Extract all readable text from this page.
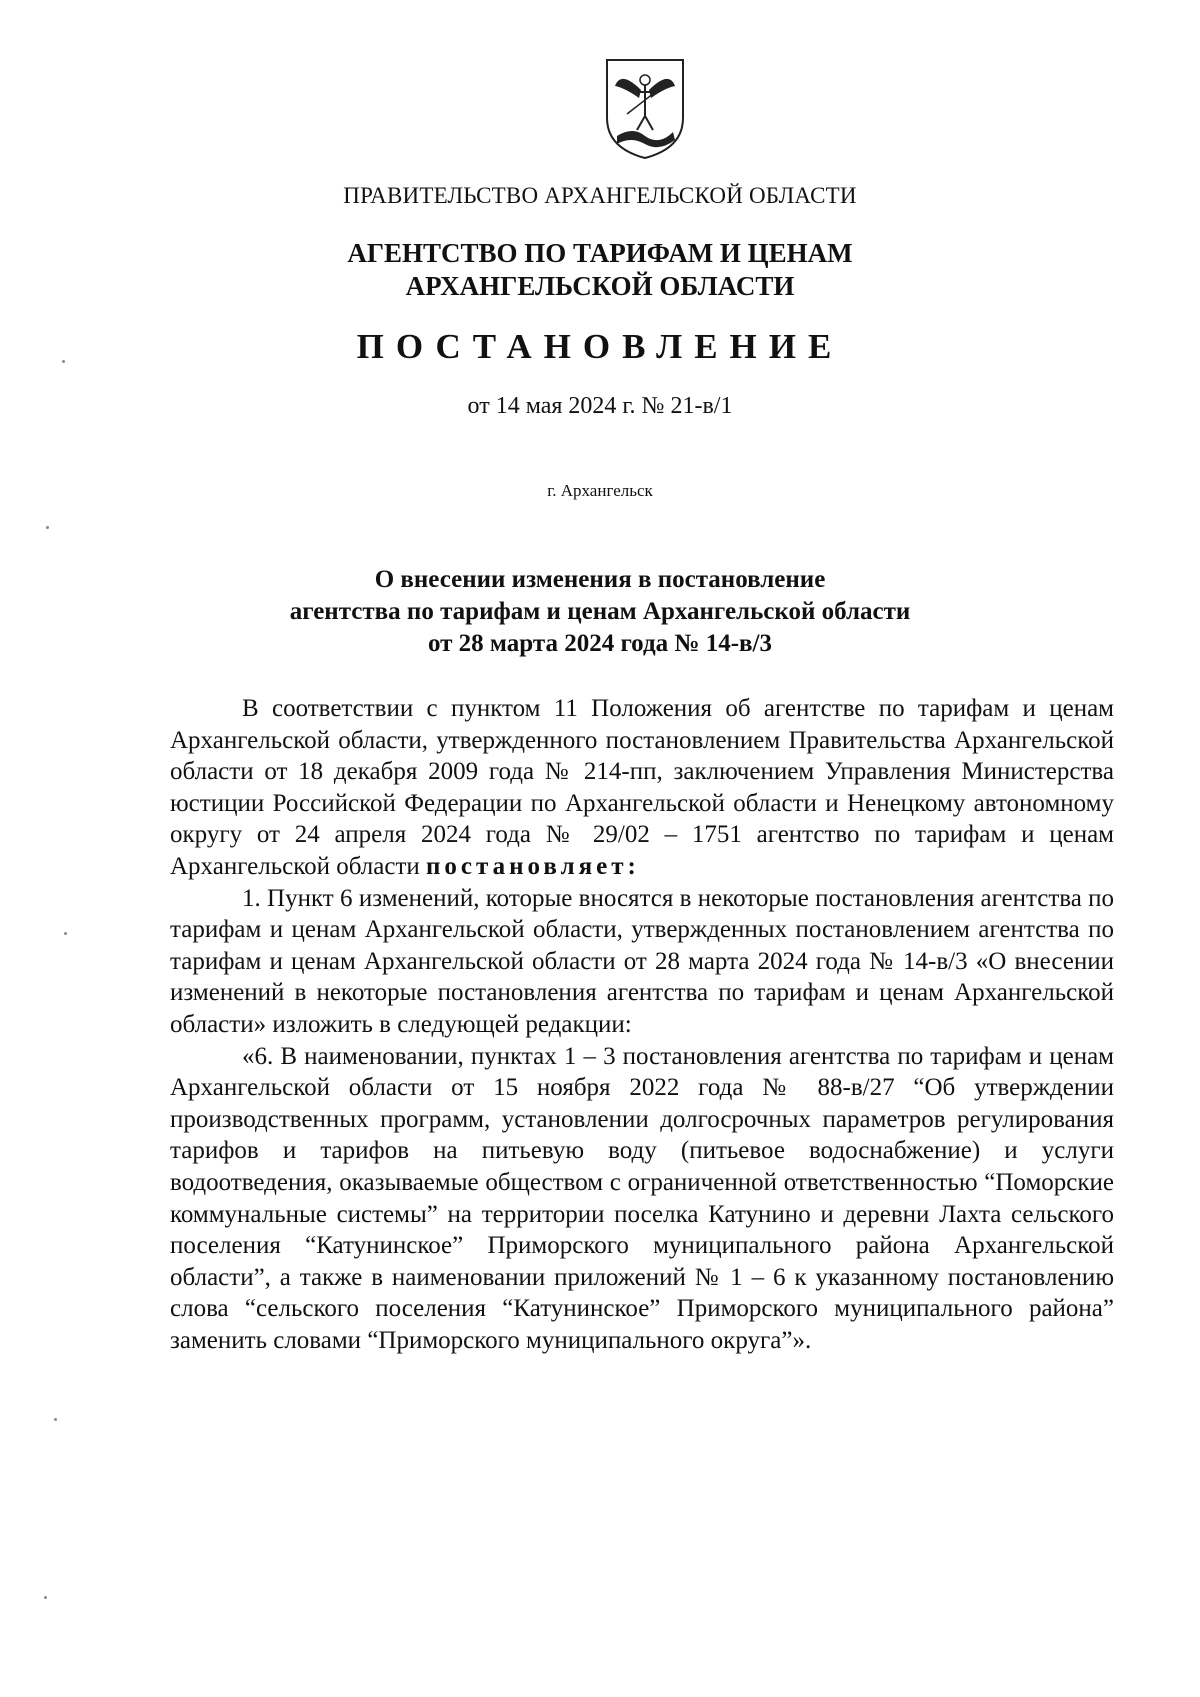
ПРАВИТЕЛЬСТВО АРХАНГЕЛЬСКОЙ ОБЛАСТИ
АГЕНТСТВО ПО ТАРИФАМ И ЦЕНАМ
АРХАНГЕЛЬСКОЙ ОБЛАСТИ
ПОСТАНОВЛЕНИЕ
от 14 мая 2024 г. № 21-в/1
г. Архангельск
О внесении изменения в постановление
агентства по тарифам и ценам Архангельской области
от 28 марта 2024 года № 14-в/3

В соответствии с пунктом 11 Положения об агентстве по тарифам и ценам Архангельской области, утвержденного постановлением Правительства Архангельской области от 18 декабря 2009 года № 214-пп, заключением Управления Министерства юстиции Российской Федерации по Архангельской области и Ненецкому автономному округу от 24 апреля 2024 года № 29/02 – 1751 агентство по тарифам и ценам Архангельской области постановляет:

1. Пункт 6 изменений, которые вносятся в некоторые постановления агентства по тарифам и ценам Архангельской области, утвержденных постановлением агентства по тарифам и ценам Архангельской области от 28 марта 2024 года № 14-в/3 «О внесении изменений в некоторые постановления агентства по тарифам и ценам Архангельской области» изложить в следующей редакции:

«6. В наименовании, пунктах 1 – 3 постановления агентства по тарифам и ценам Архангельской области от 15 ноября 2022 года № 88-в/27 “Об утверждении производственных программ, установлении долгосрочных параметров регулирования тарифов и тарифов на питьевую воду (питьевое водоснабжение) и услуги водоотведения, оказываемые обществом с ограниченной ответственностью “Поморские коммунальные системы” на территории поселка Катунино и деревни Лахта сельского поселения “Катунинское” Приморского муниципального района Архангельской области”, а также в наименовании приложений № 1 – 6 к указанному постановлению слова “сельского поселения “Катунинское” Приморского муниципального района” заменить словами “Приморского муниципального округа”».
